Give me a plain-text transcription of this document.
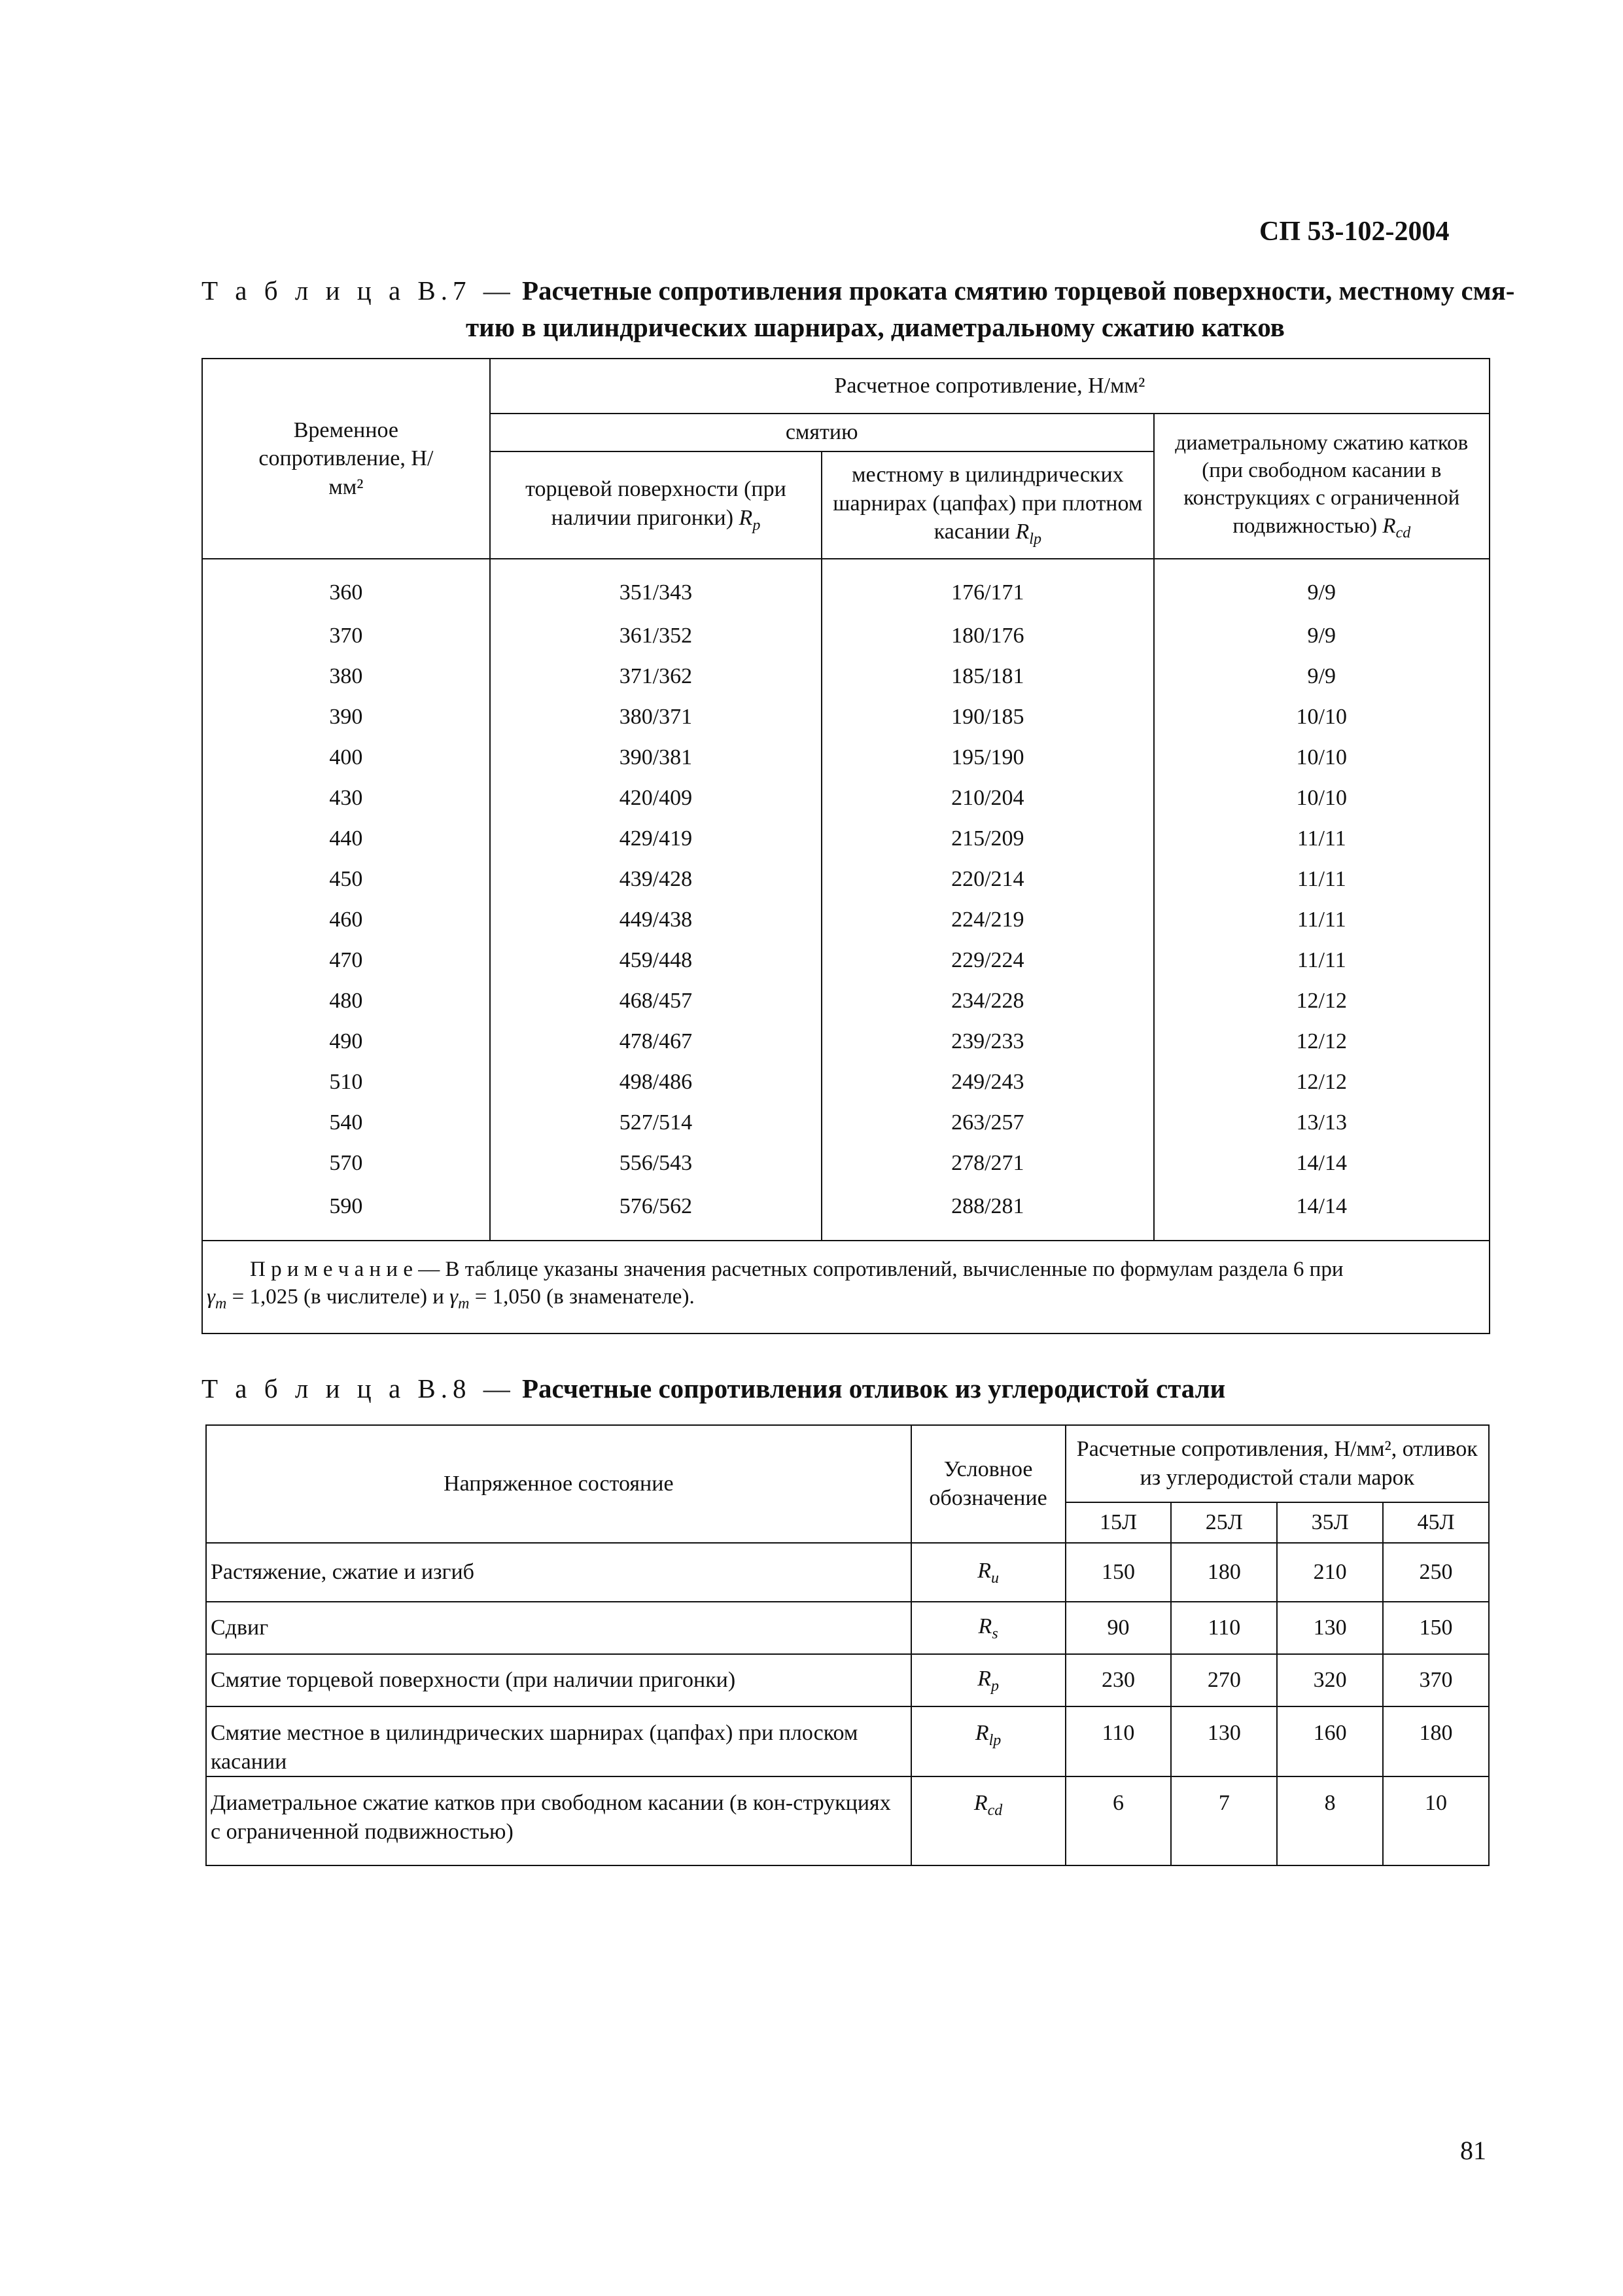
СП 53-102-2004
Т а б л и ц а В.7 — Расчетные сопротивления проката смятию торцевой поверхности, местному смя-
тию в цилиндрических шарнирах, диаметральному сжатию катков
Временное сопротивление, Н/мм²	Расчетное сопротивление, Н/мм²		
	смятию		диаметральному сжатию катков (при свободном касании в конструкциях с ограниченной подвижностью) $R_{cd}$
	торцевой поверхности (при наличии пригонки) $R_p$	местному в цилиндрических шарнирах (цапфах) при плотном касании $R_{lp}$
360	351/343	176/171	9/9
370	361/352	180/176	9/9
380	371/362	185/181	9/9
390	380/371	190/185	10/10
400	390/381	195/190	10/10
430	420/409	210/204	10/10
440	429/419	215/209	11/11
450	439/428	220/214	11/11
460	449/438	224/219	11/11
470	459/448	229/224	11/11
480	468/457	234/228	12/12
490	478/467	239/233	12/12
510	498/486	249/243	12/12
540	527/514	263/257	13/13
570	556/543	278/271	14/14
590	576/562	288/281	14/14
П р и м е ч а н и е — В таблице указаны значения расчетных сопротивлений, вычисленные по формулам раздела 6 при
$\gamma_m = 1,025$ (в числителе) и $\gamma_m = 1,050$ (в знаменателе).			
Т а б л и ц а В.8 — Расчетные сопротивления отливок из углеродистой стали
Напряженное состояние	Условное обозначение	Расчетные сопротивления, Н/мм², отливок из углеродистой стали марок			
		15Л	25Л	35Л	45Л
Растяжение, сжатие и изгиб	$R_u$	150	180	210	250
Сдвиг	$R_s$	90	110	130	150
Смятие торцевой поверхности (при наличии пригонки)	$R_p$	230	270	320	370
Смятие местное в цилиндрических шарнирах (цапфах) при плоском касании	$R_{lp}$	110	130	160	180
Диаметральное сжатие катков при свободном касании (в кон-струкциях с ограниченной подвижностью)	$R_{cd}$	6	7	8	10
81
